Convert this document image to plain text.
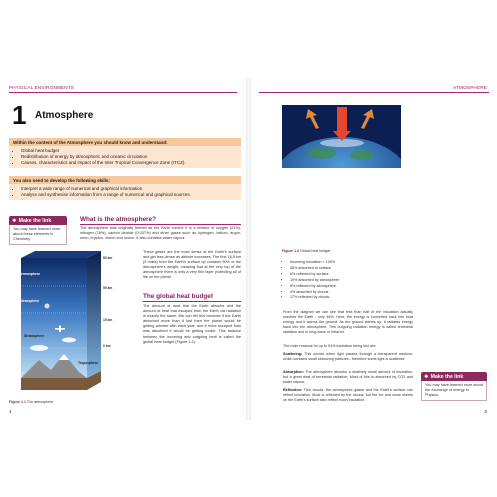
PHYSICAL ENVIRONMENTS
1 Atmosphere
Within the content of the Atmosphere you should know and understand:
• Global heat budget
• Redistribution of energy by atmospheric and oceanic circulation
• Causes, characteristics and impact of the Inter Tropical Convergence Zone (ITCZ).
You also need to develop the following skills:
• Interpret a wide range of numerical and graphical information
• Analyse and synthesise information from a range of numerical and graphical sources.
❖ Make the link
You may have learned more about these elements in Chemistry.
What is the atmosphere?
The atmosphere was originally formed as the Earth cooled; it is a mixture of oxygen (21%), nitrogen (78%), carbon dioxide (0.037%) and other gases such as hydrogen, helium, argon, neon, krypton, xenon and ozone. It also contains water vapour.
These gases are the most dense at the Earth's surface and get less dense as altitude increases. The first 16.5 km (9 miles) from the Earth's surface up contains 90% of the atmosphere's weight, meaning that at the very top of the atmosphere there is only a very thin layer protecting all of life on the planet.
The global heat budget
The amount of heat that the Earth absorbs and the amount of heat that escapes from the Earth via radiation is exactly the same. We can tell this because if the Earth absorbed more than it lost then the planet would be getting warmer with each year, and if more escaped than was absorbed it would be getting cooler. This balance between the incoming and outgoing heat is called the global heat budget (Figure 1.2).
Thermosphere
Mesosphere
Stratosphere
Troposphere
80 km
50 km
15 km
0 km
Figure 1.1 The atmosphere
4
ATMOSPHERE
5
17% reflected by clouds
100% incoming insolation
6% reflected by surface
8% reflected by atmosphere
4% absorbed by clouds
19% absorbed by atmosphere
46% absorbed at surface
Figure 1.2 Global heat budget
• Incoming insolation = 100%
• 46% absorbed at surface
• 6% reflected by surface
• 19% absorbed by atmosphere
• 8% reflected by atmosphere
• 4% absorbed by clouds
• 17% reflected by clouds.
From the diagram we can see that less than half of the insolation actually reaches the Earth - only 46%. Here, the energy is converted back into heat energy and it warms the ground. As the ground warms up, it radiates energy back into the atmosphere. This outgoing radiation energy is called terrestrial radiation and is long-wave or infrared.
The main reasons for up to 54% insolation being lost are:
Scattering: This occurs when light passes through a transparent medium, which contains small obscuring particles - therefore some light is scattered.
Absorption: The atmosphere absorbs a relatively small amount of insolation, but a great deal of terrestrial radiation. Most of this is absorbed by CO2 and water vapour.
Reflection: Thin clouds, the atmospheric gases and the Earth's surface can reflect insolation. Most is reflected by the clouds, but the ice and snow sheets on the Earth's surface also reflect much insolation.
❖ Make the link
You may have learned more about the exchange of energy in Physics.
